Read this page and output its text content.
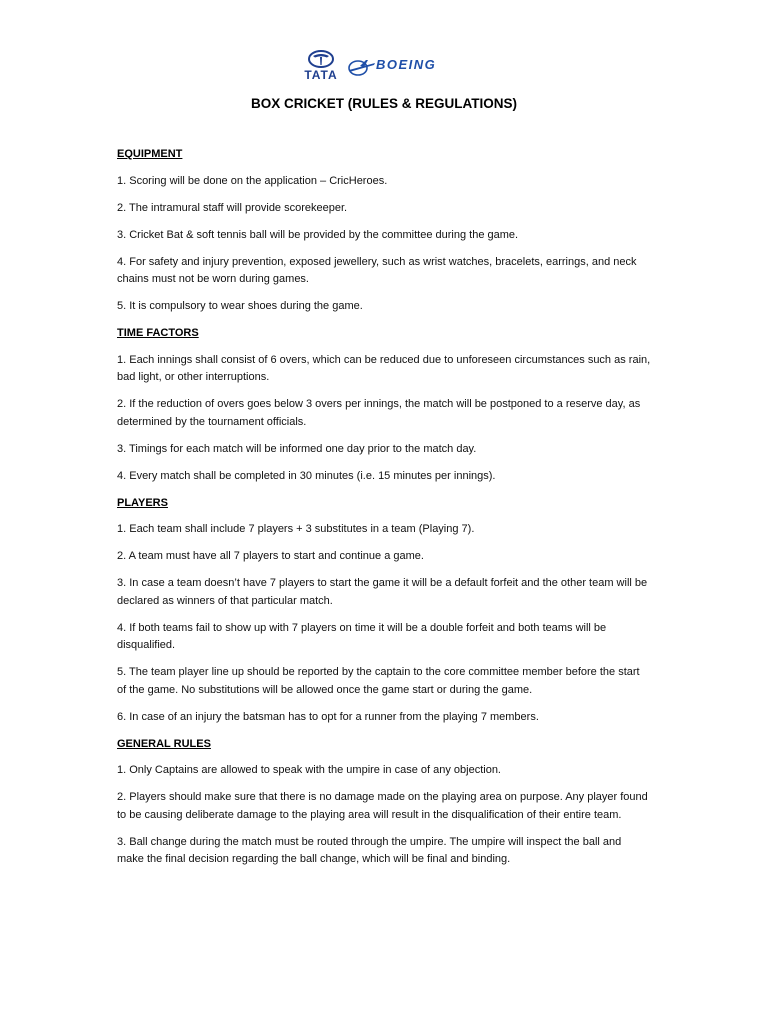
TATA
BOEING
BOX CRICKET (RULES & REGULATIONS)
EQUIPMENT
1. Scoring will be done on the application – CricHeroes.
2. The intramural staff will provide scorekeeper.
3. Cricket Bat & soft tennis ball will be provided by the committee during the game.
4. For safety and injury prevention, exposed jewellery, such as wrist watches, bracelets, earrings, and neck chains must not be worn during games.
5. It is compulsory to wear shoes during the game.
TIME FACTORS
1. Each innings shall consist of 6 overs, which can be reduced due to unforeseen circumstances such as rain, bad light, or other interruptions.
2. If the reduction of overs goes below 3 overs per innings, the match will be postponed to a reserve day, as determined by the tournament officials.
3. Timings for each match will be informed one day prior to the match day.
4. Every match shall be completed in 30 minutes (i.e. 15 minutes per innings).
PLAYERS
1. Each team shall include 7 players + 3 substitutes in a team (Playing 7).
2. A team must have all 7 players to start and continue a game.
3. In case a team doesn’t have 7 players to start the game it will be a default forfeit and the other team will be declared as winners of that particular match.
4. If both teams fail to show up with 7 players on time it will be a double forfeit and both teams will be disqualified.
5. The team player line up should be reported by the captain to the core committee member before the start of the game. No substitutions will be allowed once the game start or during the game.
6. In case of an injury the batsman has to opt for a runner from the playing 7 members.
GENERAL RULES
1. Only Captains are allowed to speak with the umpire in case of any objection.
2. Players should make sure that there is no damage made on the playing area on purpose. Any player found to be causing deliberate damage to the playing area will result in the disqualification of their entire team.
3. Ball change during the match must be routed through the umpire. The umpire will inspect the ball and make the final decision regarding the ball change, which will be final and binding.
